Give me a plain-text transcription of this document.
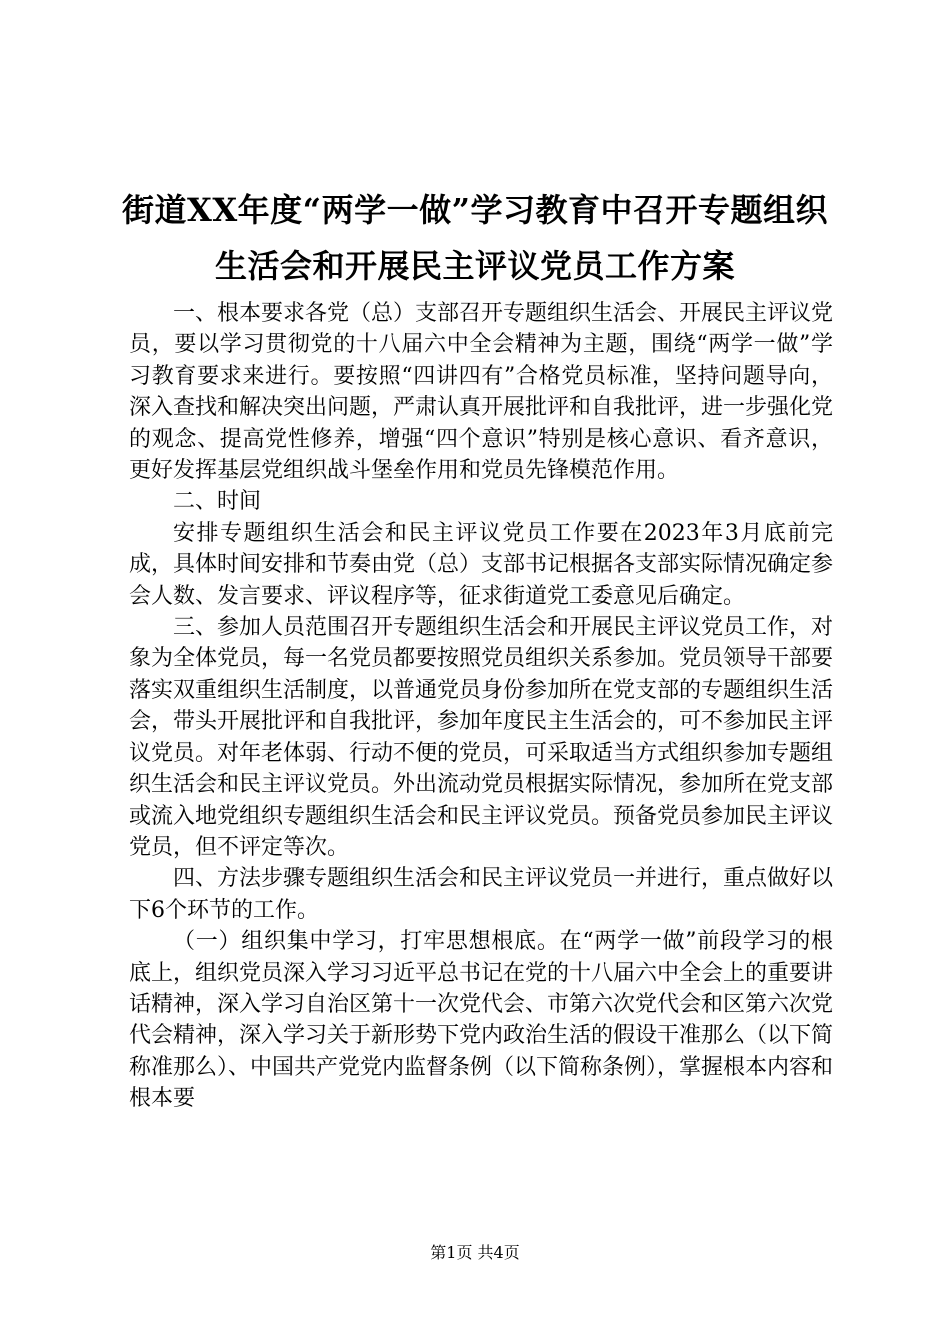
街道XX年度“两学一做”学习教育中召开专题组织生活会和开展民主评议党员工作方案

一、根本要求各党（总）支部召开专题组织生活会、开展民主评议党员，要以学习贯彻党的十八届六中全会精神为主题，围绕“两学一做”学习教育要求来进行。要按照“四讲四有”合格党员标准，坚持问题导向，深入查找和解决突出问题，严肃认真开展批评和自我批评，进一步强化党的观念、提高党性修养，增强“四个意识”特别是核心意识、看齐意识，更好发挥基层党组织战斗堡垒作用和党员先锋模范作用。

二、时间

安排专题组织生活会和民主评议党员工作要在2023年3月底前完成，具体时间安排和节奏由党（总）支部书记根据各支部实际情况确定参会人数、发言要求、评议程序等，征求街道党工委意见后确定。

三、参加人员范围召开专题组织生活会和开展民主评议党员工作，对象为全体党员，每一名党员都要按照党员组织关系参加。党员领导干部要落实双重组织生活制度，以普通党员身份参加所在党支部的专题组织生活会，带头开展批评和自我批评，参加年度民主生活会的，可不参加民主评议党员。对年老体弱、行动不便的党员，可采取适当方式组织参加专题组织生活会和民主评议党员。外出流动党员根据实际情况，参加所在党支部或流入地党组织专题组织生活会和民主评议党员。预备党员参加民主评议党员，但不评定等次。

四、方法步骤专题组织生活会和民主评议党员一并进行，重点做好以下6个环节的工作。

（一）组织集中学习，打牢思想根底。在“两学一做”前段学习的根底上，组织党员深入学习习近平总书记在党的十八届六中全会上的重要讲话精神，深入学习自治区第十一次党代会、市第六次党代会和区第六次党代会精神，深入学习关于新形势下党内政治生活的假设干准那么（以下简称准那么）、中国共产党党内监督条例（以下简称条例），掌握根本内容和根本要

第1页 共4页
